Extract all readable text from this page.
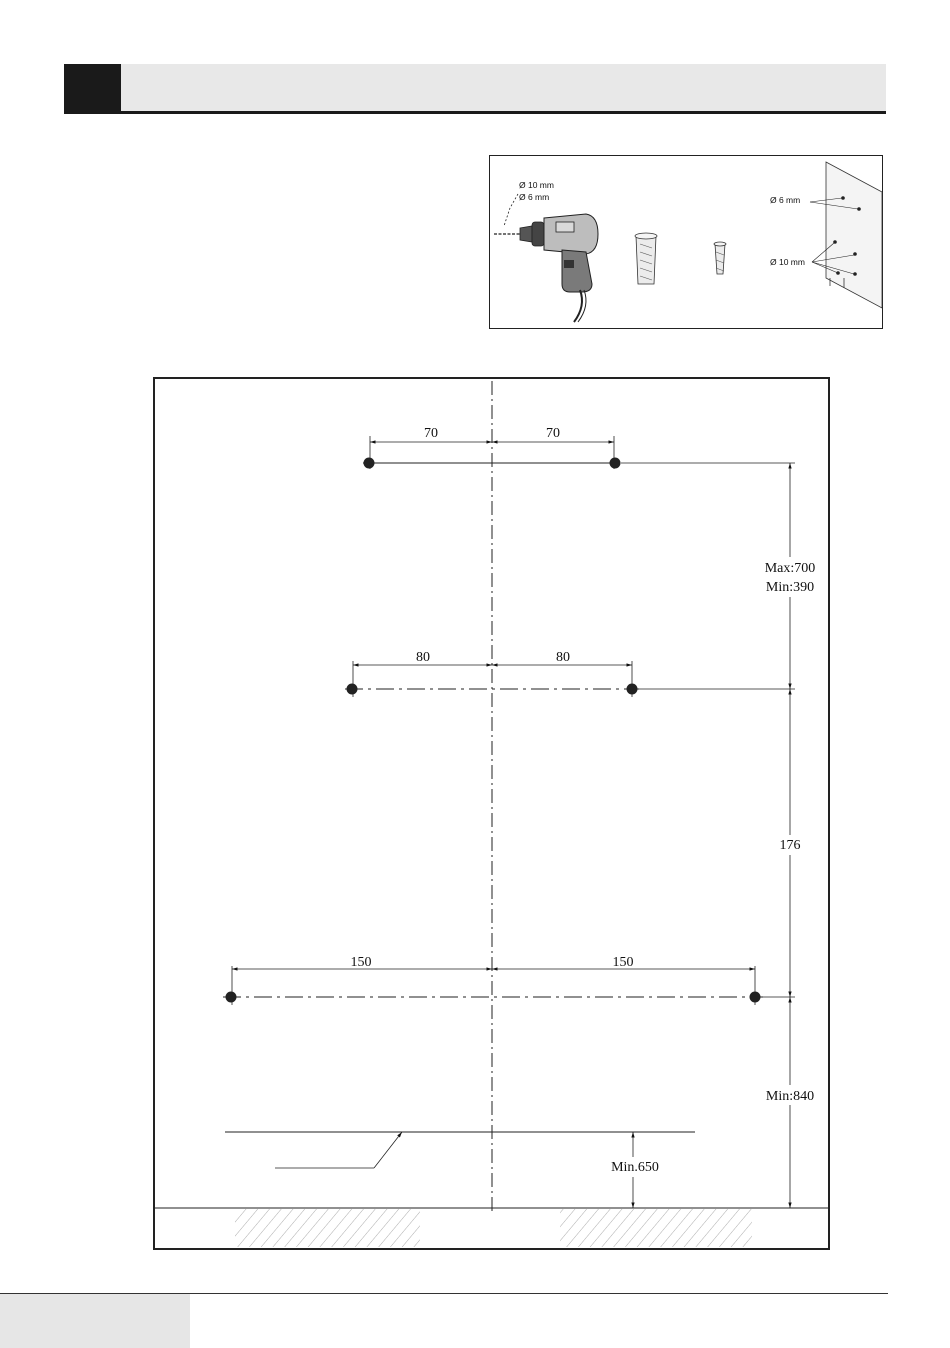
Ø 10 mm
Ø 6 mm	Ø 6 mm
Ø 10 mm
70	70
80	80
150	150
Max:700
Min:390
176
Min:840
Min.650
